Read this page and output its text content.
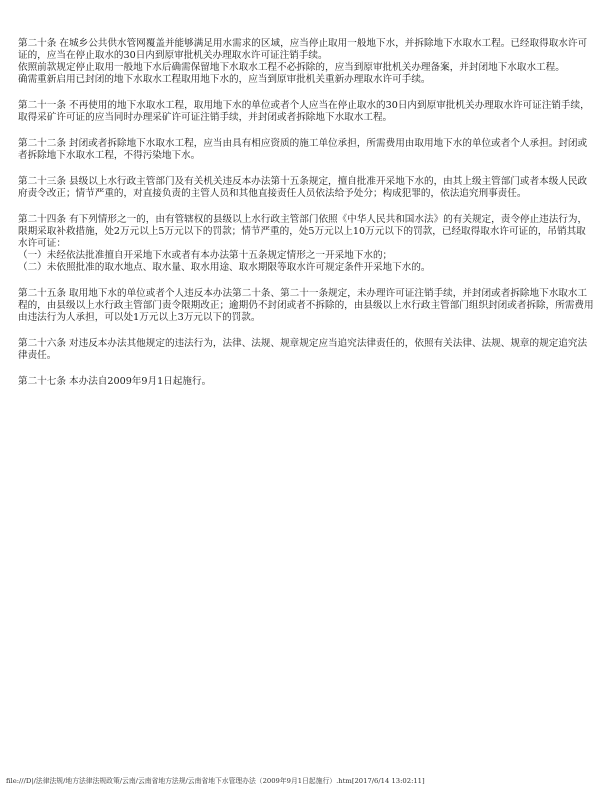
第二十条 在城乡公共供水管网覆盖并能够满足用水需求的区域，应当停止取用一般地下水，并拆除地下水取水工程。已经取得取水许可证的，应当在停止取水的30日内到原审批机关办理取水许可证注销手续。

依照前款规定停止取用一般地下水后确需保留地下水取水工程不必拆除的，应当到原审批机关办理备案，并封闭地下水取水工程。

确需重新启用已封闭的地下水取水工程取用地下水的，应当到原审批机关重新办理取水许可手续。

第二十一条 不再使用的地下水取水工程，取用地下水的单位或者个人应当在停止取水的30日内到原审批机关办理取水许可证注销手续，取得采矿许可证的应当同时办理采矿许可证注销手续，并封闭或者拆除地下水取水工程。

第二十二条 封闭或者拆除地下水取水工程，应当由具有相应资质的施工单位承担，所需费用由取用地下水的单位或者个人承担。封闭或者拆除地下水取水工程，不得污染地下水。

第二十三条 县级以上水行政主管部门及有关机关违反本办法第十五条规定，擅自批准开采地下水的，由其上级主管部门或者本级人民政府责令改正；情节严重的，对直接负责的主管人员和其他直接责任人员依法给予处分；构成犯罪的，依法追究刑事责任。

第二十四条 有下列情形之一的，由有管辖权的县级以上水行政主管部门依照《中华人民共和国水法》的有关规定，责令停止违法行为，限期采取补救措施，处2万元以上5万元以下的罚款；情节严重的，处5万元以上10万元以下的罚款，已经取得取水许可证的，吊销其取水许可证：

（一）未经依法批准擅自开采地下水或者有本办法第十五条规定情形之一开采地下水的；

（二）未依照批准的取水地点、取水量、取水用途、取水期限等取水许可规定条件开采地下水的。

第二十五条 取用地下水的单位或者个人违反本办法第二十条、第二十一条规定，未办理许可证注销手续，并封闭或者拆除地下水取水工程的，由县级以上水行政主管部门责令限期改正；逾期仍不封闭或者不拆除的，由县级以上水行政主管部门组织封闭或者拆除，所需费用由违法行为人承担，可以处1万元以上3万元以下的罚款。

第二十六条 对违反本办法其他规定的违法行为，法律、法规、规章规定应当追究法律责任的，依照有关法律、法规、规章的规定追究法律责任。

第二十七条 本办法自2009年9月1日起施行。

file:///D|/法律法规/地方法律法规政策/云南/云南省地方法规/云南省地下水管理办法（2009年9月1日起施行）.htm[2017/6/14 13:02:11]
